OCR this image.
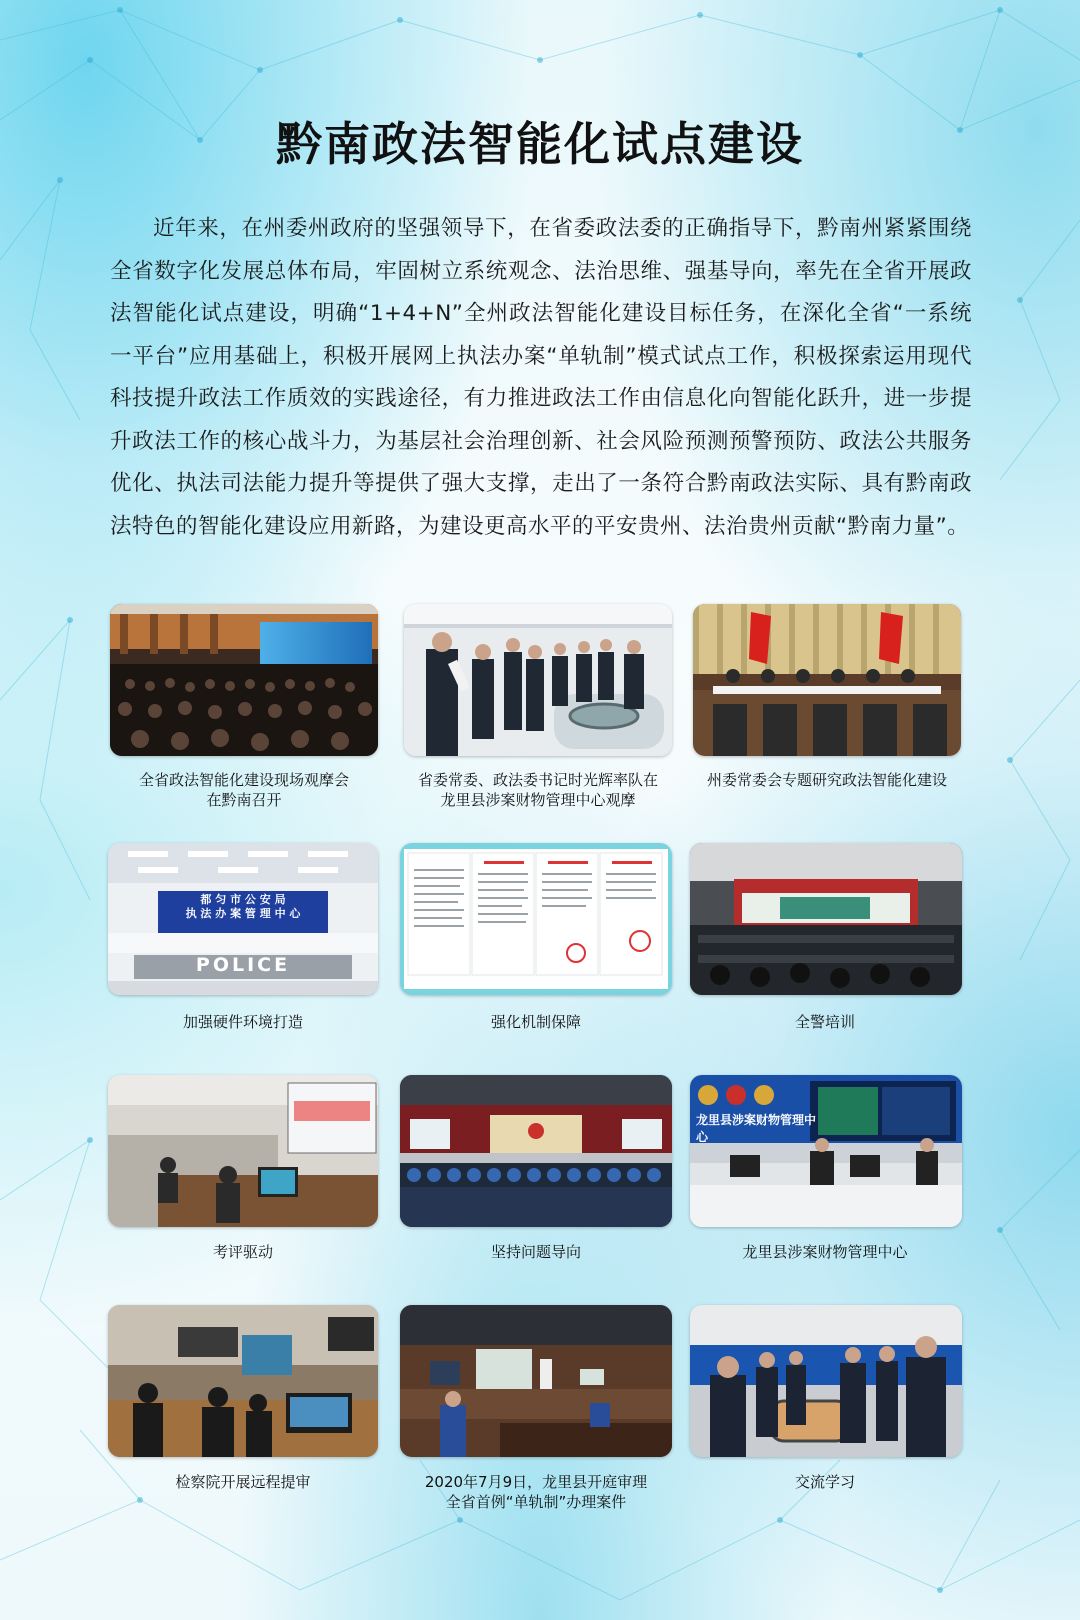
黔南政法智能化试点建设
近年来，在州委州政府的坚强领导下，在省委政法委的正确指导下，黔南州紧紧围绕全省数字化发展总体布局，牢固树立系统观念、法治思维、强基导向，率先在全省开展政法智能化试点建设，明确“1+4+N”全州政法智能化建设目标任务，在深化全省“一系统一平台”应用基础上，积极开展网上执法办案“单轨制”模式试点工作，积极探索运用现代科技提升政法工作质效的实践途径，有力推进政法工作由信息化向智能化跃升，进一步提升政法工作的核心战斗力，为基层社会治理创新、社会风险预测预警预防、政法公共服务优化、执法司法能力提升等提供了强大支撑，走出了一条符合黔南政法实际、具有黔南政法特色的智能化建设应用新路，为建设更高水平的平安贵州、法治贵州贡献“黔南力量”。
全省政法智能化建设现场观摩会
在黔南召开
省委常委、政法委书记时光辉率队在
龙里县涉案财物管理中心观摩
州委常委会专题研究政法智能化建设
都 匀 市 公 安 局
执 法 办 案 管 理 中 心
POLICE
加强硬件环境打造	强化机制保障	全警培训
考评驱动	坚持问题导向
龙里县涉案财物管理中心
龙里县涉案财物管理中心
检察院开展远程提审	2020年7月9日，龙里县开庭审理
全省首例“单轨制”办理案件
交流学习
